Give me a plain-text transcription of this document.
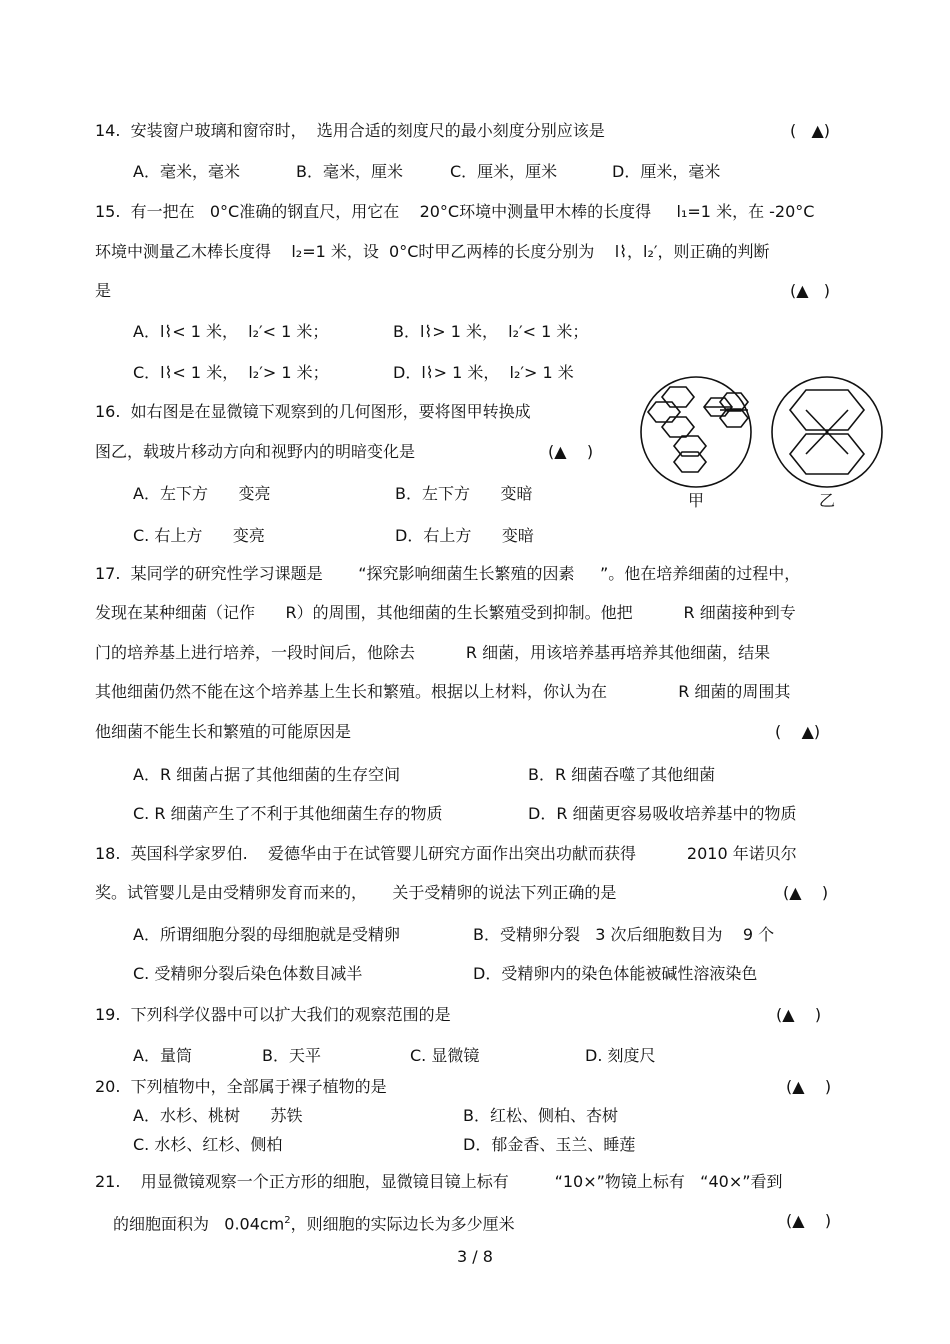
14.  安装窗户玻璃和窗帘时，  选用合适的刻度尺的最小刻度分别应该是	(   ▲)
A．毫米，毫米	B．毫米，厘米	C．厘米，厘米	D．厘米，毫米
15.  有一把在   0°C准确的钢直尺，用它在    20°C环境中测量甲木棒的长度得     l₁=1 米，在 -20°C
环境中测量乙木棒长度得    l₂=1 米，设  0°C时甲乙两棒的长度分别为    l⌇，l₂′，则正确的判断
是	(▲   )
A．l⌇< 1 米，  l₂′< 1 米；	B．l⌇> 1 米，  l₂′< 1 米；
C．l⌇< 1 米，  l₂′> 1 米；	D．l⌇> 1 米，  l₂′> 1 米
16.  如右图是在显微镜下观察到的几何图形，要将图甲转换成
图乙，载玻片移动方向和视野内的明暗变化是	(▲    )
A．左下方      变亮	B．左下方      变暗
C. 右上方      变亮	D．右上方      变暗
甲	乙
17.  某同学的研究性学习课题是       “探究影响细菌生长繁殖的因素     ”。他在培养细菌的过程中，
发现在某种细菌（记作      R）的周围，其他细菌的生长繁殖受到抑制。他把          R 细菌接种到专
门的培养基上进行培养，一段时间后，他除去          R 细菌，用该培养基再培养其他细菌，结果
其他细菌仍然不能在这个培养基上生长和繁殖。根据以上材料，你认为在              R 细菌的周围其
他细菌不能生长和繁殖的可能原因是	(    ▲)
A．R 细菌占据了其他细菌的生存空间	B．R 细菌吞噬了其他细菌
C. R 细菌产生了不利于其他细菌生存的物质	D．R 细菌更容易吸收培养基中的物质
18.  英国科学家罗伯.    爱德华由于在试管婴儿研究方面作出突出功献而获得          2010 年诺贝尔
奖。试管婴儿是由受精卵发育而来的，     关于受精卵的说法下列正确的是	(▲    )
A．所谓细胞分裂的母细胞就是受精卵	B．受精卵分裂   3 次后细胞数目为    9 个
C. 受精卵分裂后染色体数目减半	D．受精卵内的染色体能被碱性溶液染色
19.  下列科学仪器中可以扩大我们的观察范围的是	(▲    )
A．量筒	B．天平	C. 显微镜	D. 刻度尺
20.  下列植物中，全部属于裸子植物的是	(▲    )
A．水杉、桃树      苏铁	B．红松、侧柏、杏树
C. 水杉、红杉、侧柏	D．郁金香、玉兰、睡莲
21.    用显微镜观察一个正方形的细胞，显微镜目镜上标有         “10×”物镜上标有   “40×”看到
的细胞面积为   $0.04cm^2$，则细胞的实际边长为多少厘米	(▲    )
3 / 8
